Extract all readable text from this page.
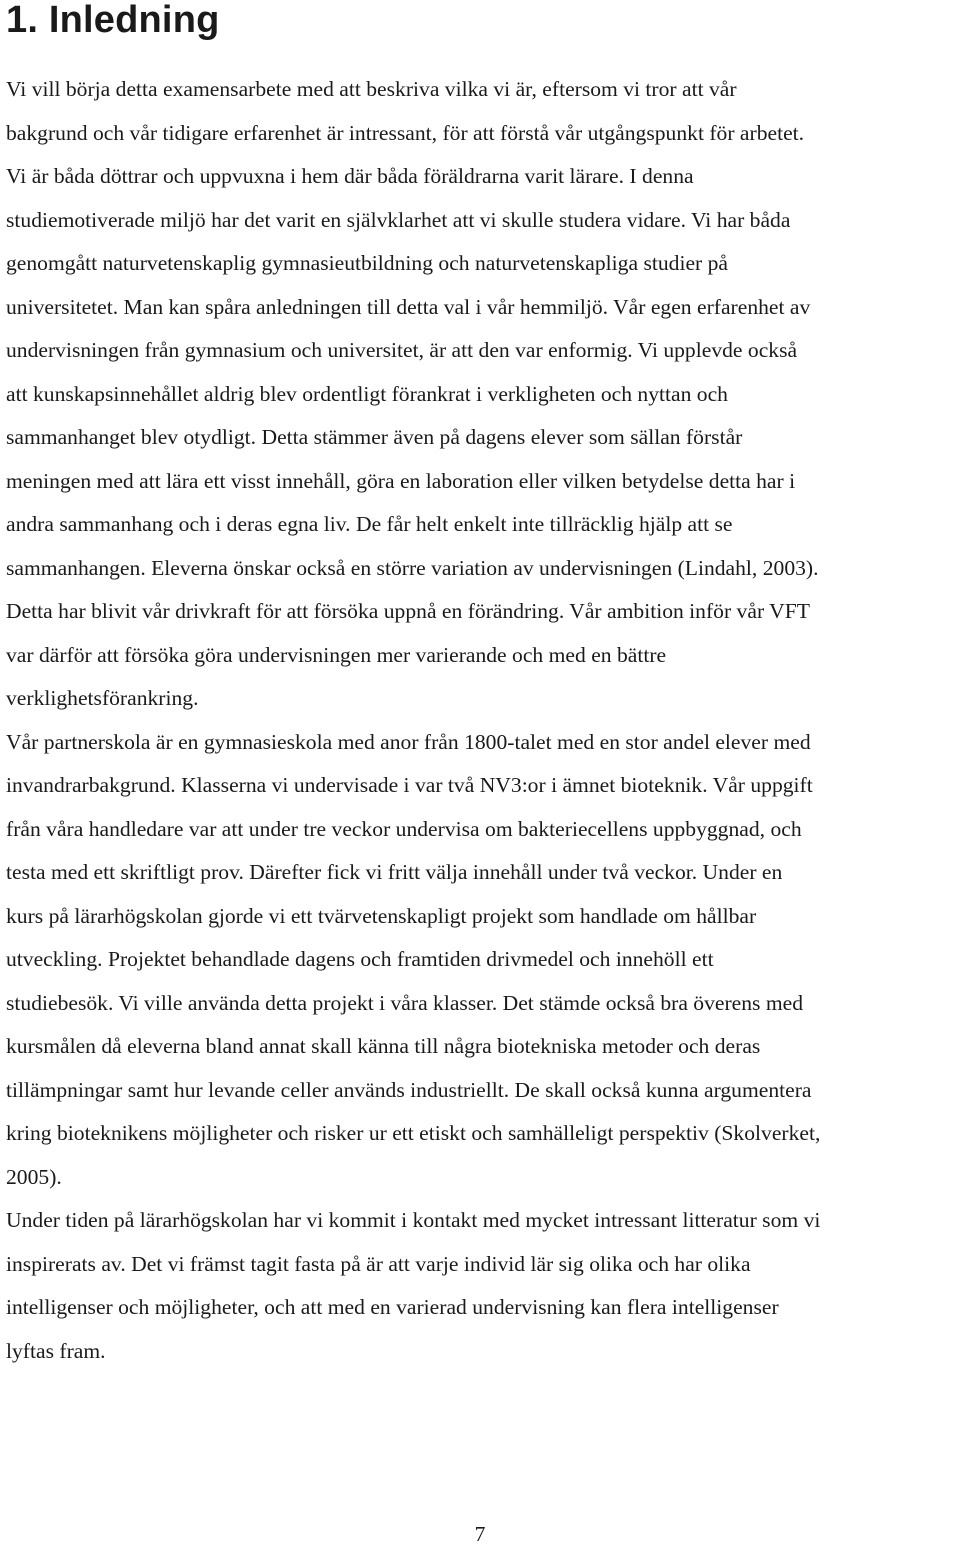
1. Inledning

Vi vill börja detta examensarbete med att beskriva vilka vi är, eftersom vi tror att vår

bakgrund och vår tidigare erfarenhet är intressant, för att förstå vår utgångspunkt för arbetet.

Vi är båda döttrar och uppvuxna i hem där båda föräldrarna varit lärare. I denna

studiemotiverade miljö har det varit en självklarhet att vi skulle studera vidare. Vi har båda

genomgått naturvetenskaplig gymnasieutbildning och naturvetenskapliga studier på

universitetet. Man kan spåra anledningen till detta val i vår hemmiljö. Vår egen erfarenhet av

undervisningen från gymnasium och universitet, är att den var enformig. Vi upplevde också

att kunskapsinnehållet aldrig blev ordentligt förankrat i verkligheten och nyttan och

sammanhanget blev otydligt. Detta stämmer även på dagens elever som sällan förstår

meningen med att lära ett visst innehåll, göra en laboration eller vilken betydelse detta har i

andra sammanhang och i deras egna liv. De får helt enkelt inte tillräcklig hjälp att se

sammanhangen. Eleverna önskar också en större variation av undervisningen (Lindahl, 2003).

Detta har blivit vår drivkraft för att försöka uppnå en förändring. Vår ambition inför vår VFT

var därför att försöka göra undervisningen mer varierande och med en bättre

verklighetsförankring.

Vår partnerskola är en gymnasieskola med anor från 1800-talet med en stor andel elever med

invandrarbakgrund. Klasserna vi undervisade i var två NV3:or i ämnet bioteknik. Vår uppgift

från våra handledare var att under tre veckor undervisa om bakteriecellens uppbyggnad, och

testa med ett skriftligt prov. Därefter fick vi fritt välja innehåll under två veckor. Under en

kurs på lärarhögskolan gjorde vi ett tvärvetenskapligt projekt som handlade om hållbar

utveckling. Projektet behandlade dagens och framtiden drivmedel och innehöll ett

studiebesök. Vi ville använda detta projekt i våra klasser. Det stämde också bra överens med

kursmålen då eleverna bland annat skall känna till några biotekniska metoder och deras

tillämpningar samt hur levande celler används industriellt. De skall också kunna argumentera

kring bioteknikens möjligheter och risker ur ett etiskt och samhälleligt perspektiv (Skolverket,

2005).

Under tiden på lärarhögskolan har vi kommit i kontakt med mycket intressant litteratur som vi

inspirerats av. Det vi främst tagit fasta på är att varje individ lär sig olika och har olika

intelligenser och möjligheter, och att med en varierad undervisning kan flera intelligenser

lyftas fram.

7
